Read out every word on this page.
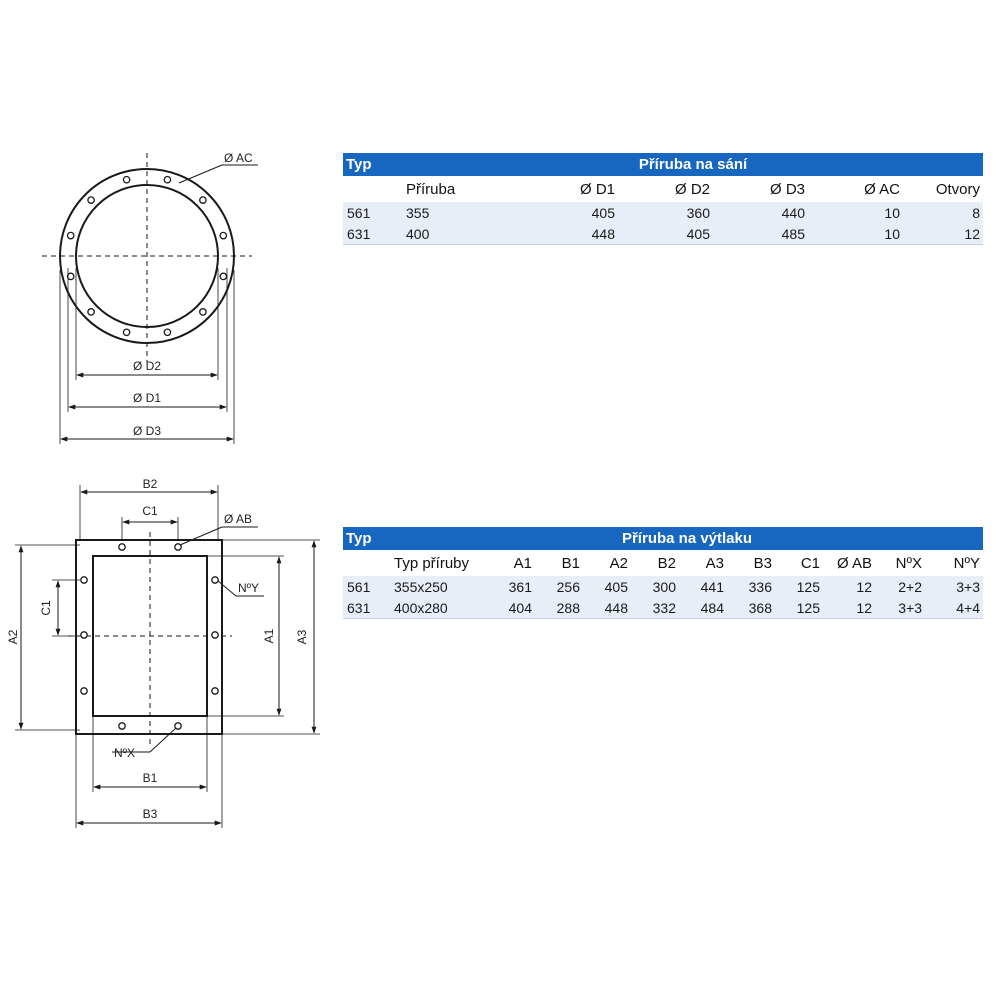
Ø AC
Ø D2
Ø D1
Ø D3
B2
C1
Ø AB
NºY
A2
C1
A1 A3
NºX
B1
B3
Typ	Příruba na sání					
	Příruba	Ø D1	Ø D2	Ø D3	Ø AC	Otvory
561	355	405	360	440	10	8
631	400	448	405	485	10	12
Typ	Příruba na výtlaku										
	Typ příruby	A1	B1	A2	B2	A3	B3	C1	Ø AB	NºX	NºY
561	355x250	361	256	405	300	441	336	125	12	2+2	3+3
631	400x280	404	288	448	332	484	368	125	12	3+3	4+4
